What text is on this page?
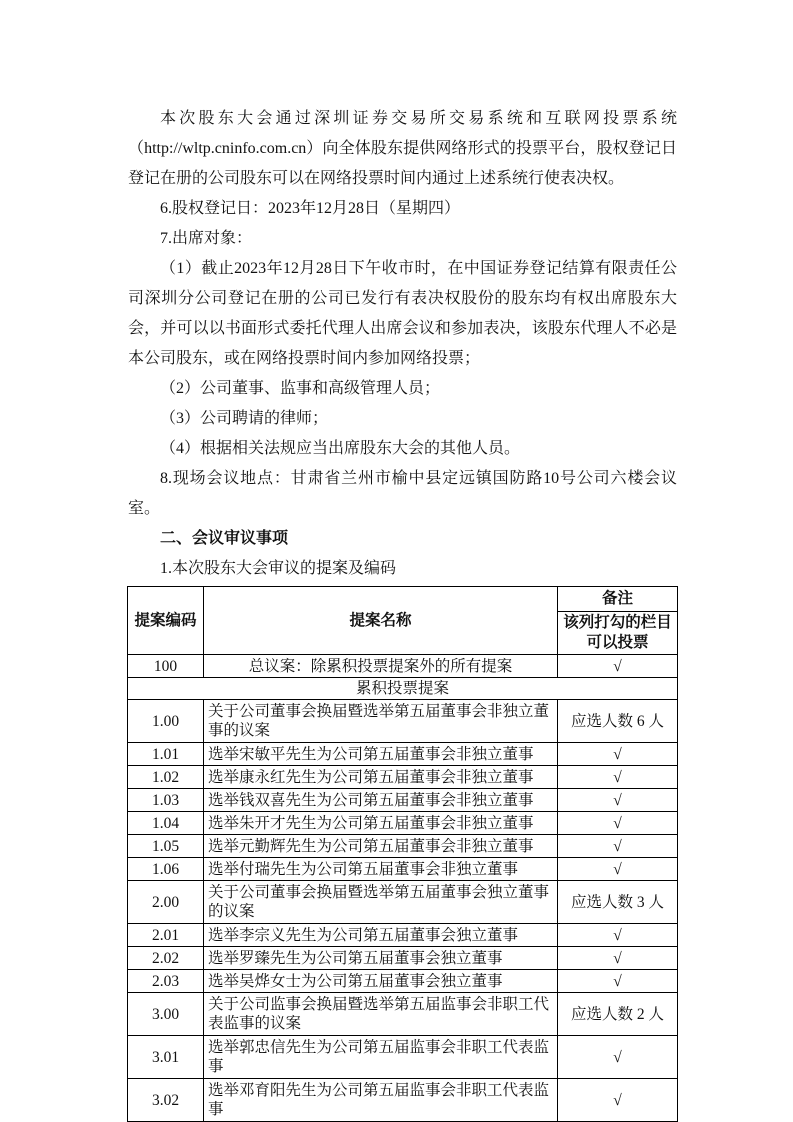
本次股东大会通过深圳证券交易所交易系统和互联网投票系统（http://wltp.cninfo.com.cn）向全体股东提供网络形式的投票平台，股权登记日登记在册的公司股东可以在网络投票时间内通过上述系统行使表决权。

6.股权登记日：2023年12月28日（星期四）

7.出席对象：

（1）截止2023年12月28日下午收市时，在中国证券登记结算有限责任公司深圳分公司登记在册的公司已发行有表决权股份的股东均有权出席股东大会，并可以以书面形式委托代理人出席会议和参加表决，该股东代理人不必是本公司股东，或在网络投票时间内参加网络投票；

（2）公司董事、监事和高级管理人员；

（3）公司聘请的律师；

（4）根据相关法规应当出席股东大会的其他人员。

8.现场会议地点：甘肃省兰州市榆中县定远镇国防路10号公司六楼会议室。

二、会议审议事项

1.本次股东大会审议的提案及编码

提案编码	提案名称	备注
		该列打勾的栏目可以投票
100	总议案：除累积投票提案外的所有提案	√
累积投票提案		
1.00	关于公司董事会换届暨选举第五届董事会非独立董事的议案	应选人数 6 人
1.01	选举宋敏平先生为公司第五届董事会非独立董事	√
1.02	选举康永红先生为公司第五届董事会非独立董事	√
1.03	选举钱双喜先生为公司第五届董事会非独立董事	√
1.04	选举朱开才先生为公司第五届董事会非独立董事	√
1.05	选举元勤辉先生为公司第五届董事会非独立董事	√
1.06	选举付瑞先生为公司第五届董事会非独立董事	√
2.00	关于公司董事会换届暨选举第五届董事会独立董事的议案	应选人数 3 人
2.01	选举李宗义先生为公司第五届董事会独立董事	√
2.02	选举罗臻先生为公司第五届董事会独立董事	√
2.03	选举吴烨女士为公司第五届董事会独立董事	√
3.00	关于公司监事会换届暨选举第五届监事会非职工代表监事的议案	应选人数 2 人
3.01	选举郭忠信先生为公司第五届监事会非职工代表监事	√
3.02	选举邓育阳先生为公司第五届监事会非职工代表监事	√
